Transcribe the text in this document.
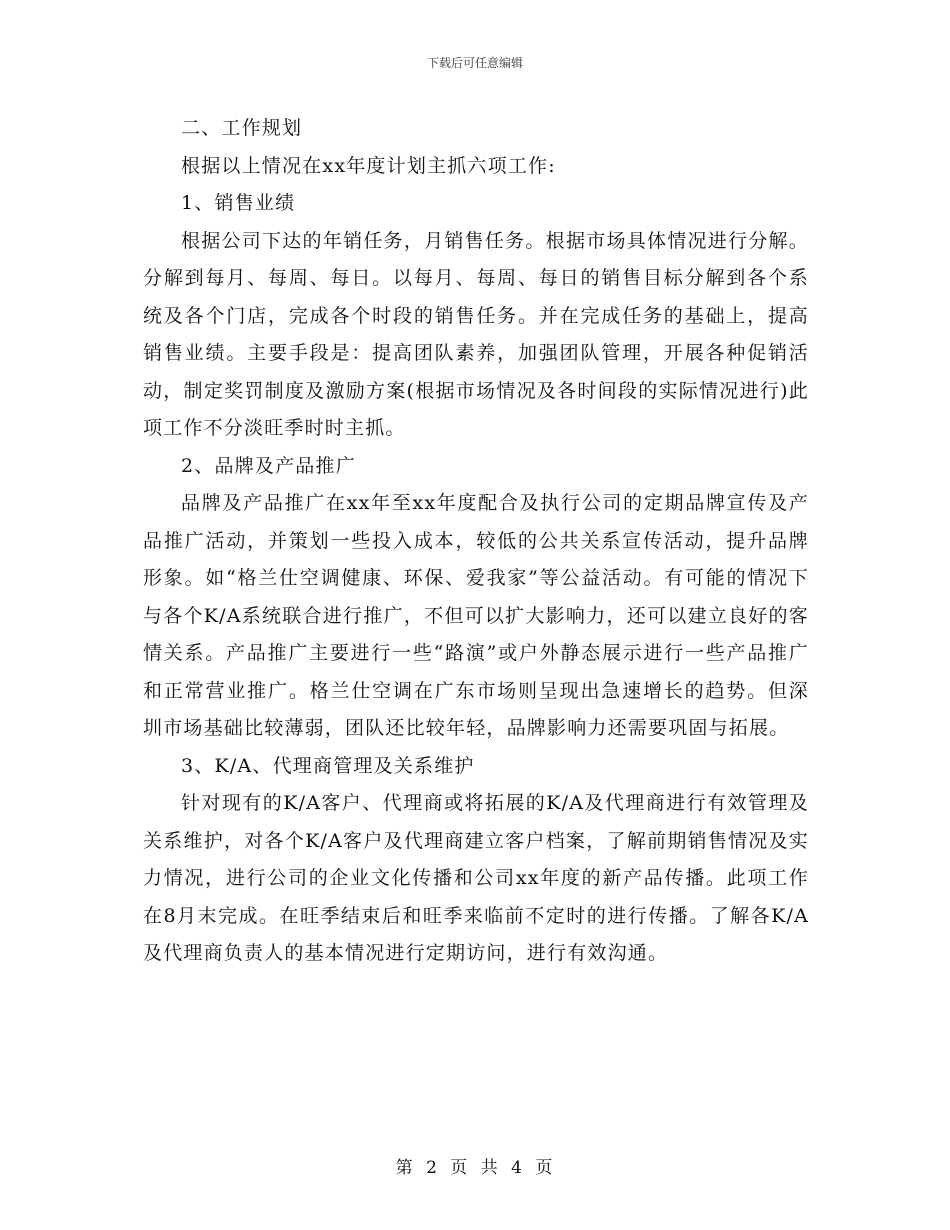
下载后可任意编辑

二、工作规划

根据以上情况在xx年度计划主抓六项工作:

1、销售业绩

根据公司下达的年销任务，月销售任务。根据市场具体情况进行分解。分解到每月、每周、每日。以每月、每周、每日的销售目标分解到各个系统及各个门店，完成各个时段的销售任务。并在完成任务的基础上，提高销售业绩。主要手段是：提高团队素养，加强团队管理，开展各种促销活动，制定奖罚制度及激励方案(根据市场情况及各时间段的实际情况进行)此项工作不分淡旺季时时主抓。

2、品牌及产品推广

品牌及产品推广在xx年至xx年度配合及执行公司的定期品牌宣传及产品推广活动，并策划一些投入成本，较低的公共关系宣传活动，提升品牌形象。如“格兰仕空调健康、环保、爱我家”等公益活动。有可能的情况下与各个K/A系统联合进行推广，不但可以扩大影响力，还可以建立良好的客情关系。产品推广主要进行一些“路演”或户外静态展示进行一些产品推广和正常营业推广。格兰仕空调在广东市场则呈现出急速增长的趋势。但深圳市场基础比较薄弱，团队还比较年轻，品牌影响力还需要巩固与拓展。

3、K/A、代理商管理及关系维护

针对现有的K/A客户、代理商或将拓展的K/A及代理商进行有效管理及关系维护，对各个K/A客户及代理商建立客户档案，了解前期销售情况及实力情况，进行公司的企业文化传播和公司xx年度的新产品传播。此项工作在8月末完成。在旺季结束后和旺季来临前不定时的进行传播。了解各K/A及代理商负责人的基本情况进行定期访问，进行有效沟通。

第 2 页 共 4 页
